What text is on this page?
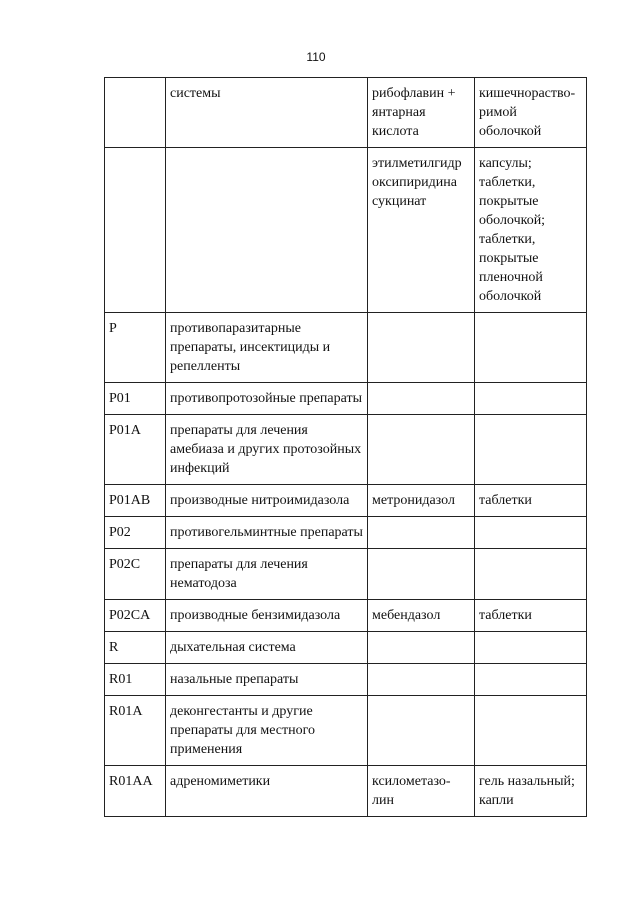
110
	системы	рибофлавин + янтарная кислота	кишечнораство-римой оболочкой
		этилметилгидр оксипиридина сукцинат	капсулы; таблетки, покрытые оболочкой; таблетки, покрытые пленочной оболочкой
P	противопаразитарные препараты, инсектициды и репелленты		
P01	противопротозойные препараты		
P01A	препараты для лечения амебиаза и других протозойных инфекций		
P01AB	производные нитроимидазола	метронидазол	таблетки
P02	противогельминтные препараты		
P02C	препараты для лечения нематодоза		
P02CA	производные бензимидазола	мебендазол	таблетки
R	дыхательная система		
R01	назальные препараты		
R01A	деконгестанты и другие препараты для местного применения		
R01AA	адреномиметики	ксилометазо-лин	гель назальный; капли
